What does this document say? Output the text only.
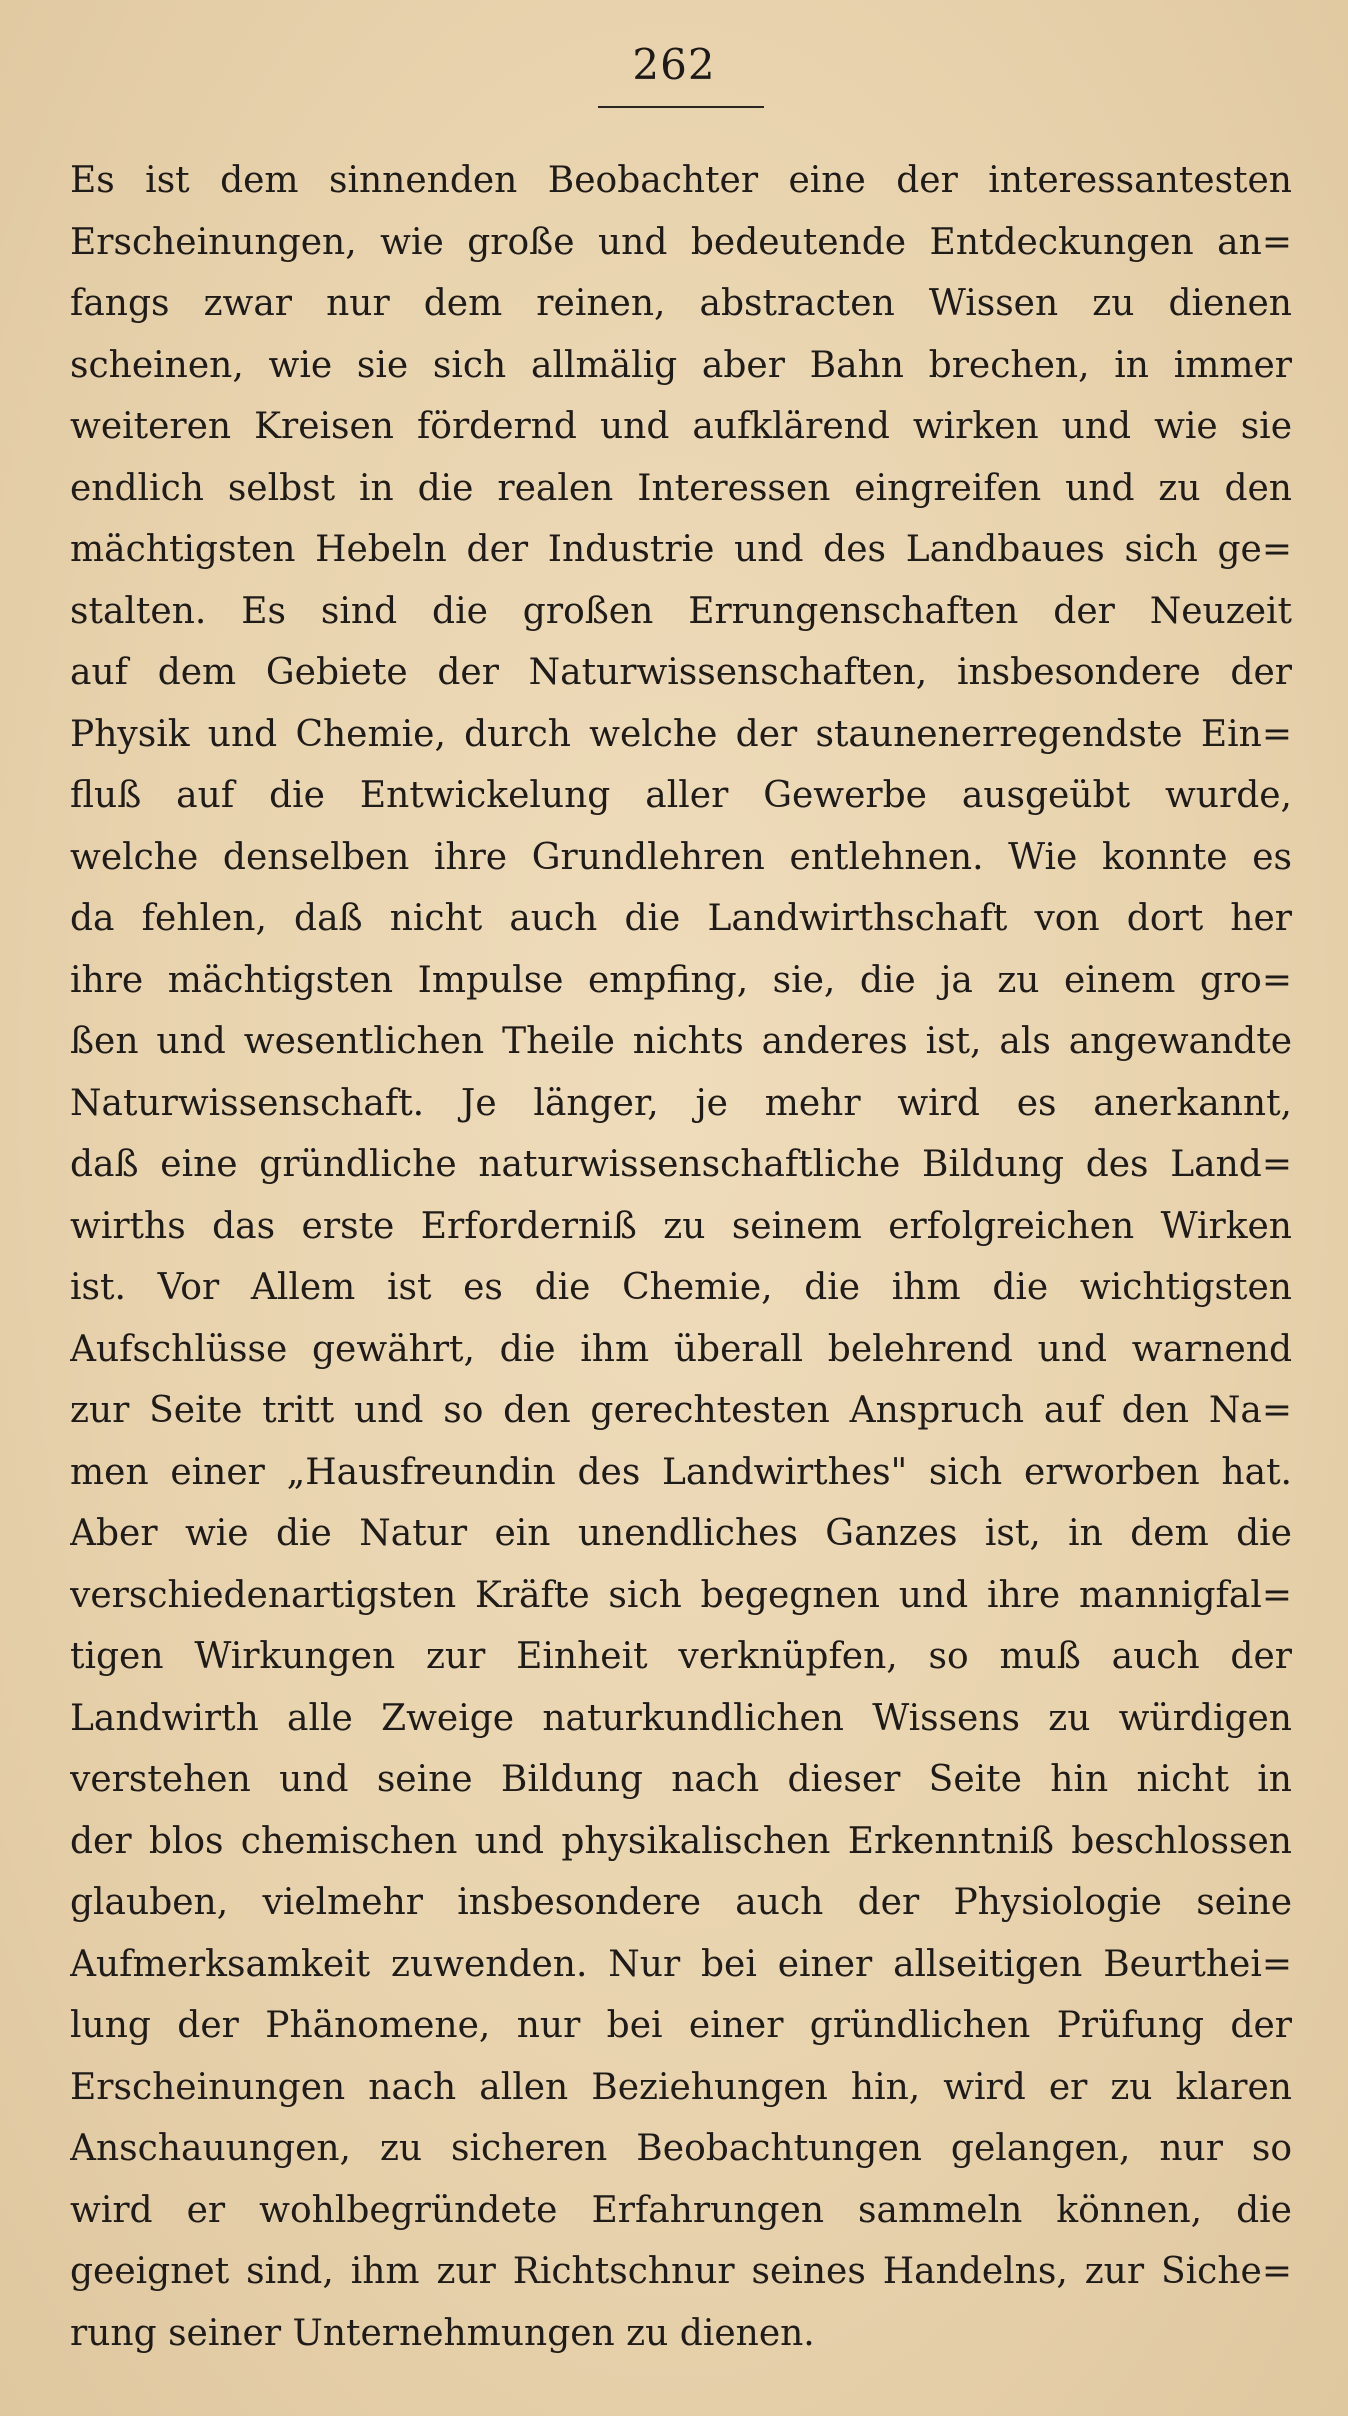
262
Es ist dem sinnenden Beobachter eine der interessantesten
Erscheinungen, wie große und bedeutende Entdeckungen an=
fangs zwar nur dem reinen, abstracten Wissen zu dienen
scheinen, wie sie sich allmälig aber Bahn brechen, in immer
weiteren Kreisen fördernd und aufklärend wirken und wie sie
endlich selbst in die realen Interessen eingreifen und zu den
mächtigsten Hebeln der Industrie und des Landbaues sich ge=
stalten. Es sind die großen Errungenschaften der Neuzeit
auf dem Gebiete der Naturwissenschaften, insbesondere der
Physik und Chemie, durch welche der staunenerregendste Ein=
fluß auf die Entwickelung aller Gewerbe ausgeübt wurde,
welche denselben ihre Grundlehren entlehnen. Wie konnte es
da fehlen, daß nicht auch die Landwirthschaft von dort her
ihre mächtigsten Impulse empfing, sie, die ja zu einem gro=
ßen und wesentlichen Theile nichts anderes ist, als angewandte
Naturwissenschaft. Je länger, je mehr wird es anerkannt,
daß eine gründliche naturwissenschaftliche Bildung des Land=
wirths das erste Erforderniß zu seinem erfolgreichen Wirken
ist. Vor Allem ist es die Chemie, die ihm die wichtigsten
Aufschlüsse gewährt, die ihm überall belehrend und warnend
zur Seite tritt und so den gerechtesten Anspruch auf den Na=
men einer „Hausfreundin des Landwirthes" sich erworben hat.
Aber wie die Natur ein unendliches Ganzes ist, in dem die
verschiedenartigsten Kräfte sich begegnen und ihre mannigfal=
tigen Wirkungen zur Einheit verknüpfen, so muß auch der
Landwirth alle Zweige naturkundlichen Wissens zu würdigen
verstehen und seine Bildung nach dieser Seite hin nicht in
der blos chemischen und physikalischen Erkenntniß beschlossen
glauben, vielmehr insbesondere auch der Physiologie seine
Aufmerksamkeit zuwenden. Nur bei einer allseitigen Beurthei=
lung der Phänomene, nur bei einer gründlichen Prüfung der
Erscheinungen nach allen Beziehungen hin, wird er zu klaren
Anschauungen, zu sicheren Beobachtungen gelangen, nur so
wird er wohlbegründete Erfahrungen sammeln können, die
geeignet sind, ihm zur Richtschnur seines Handelns, zur Siche=
rung seiner Unternehmungen zu dienen.
